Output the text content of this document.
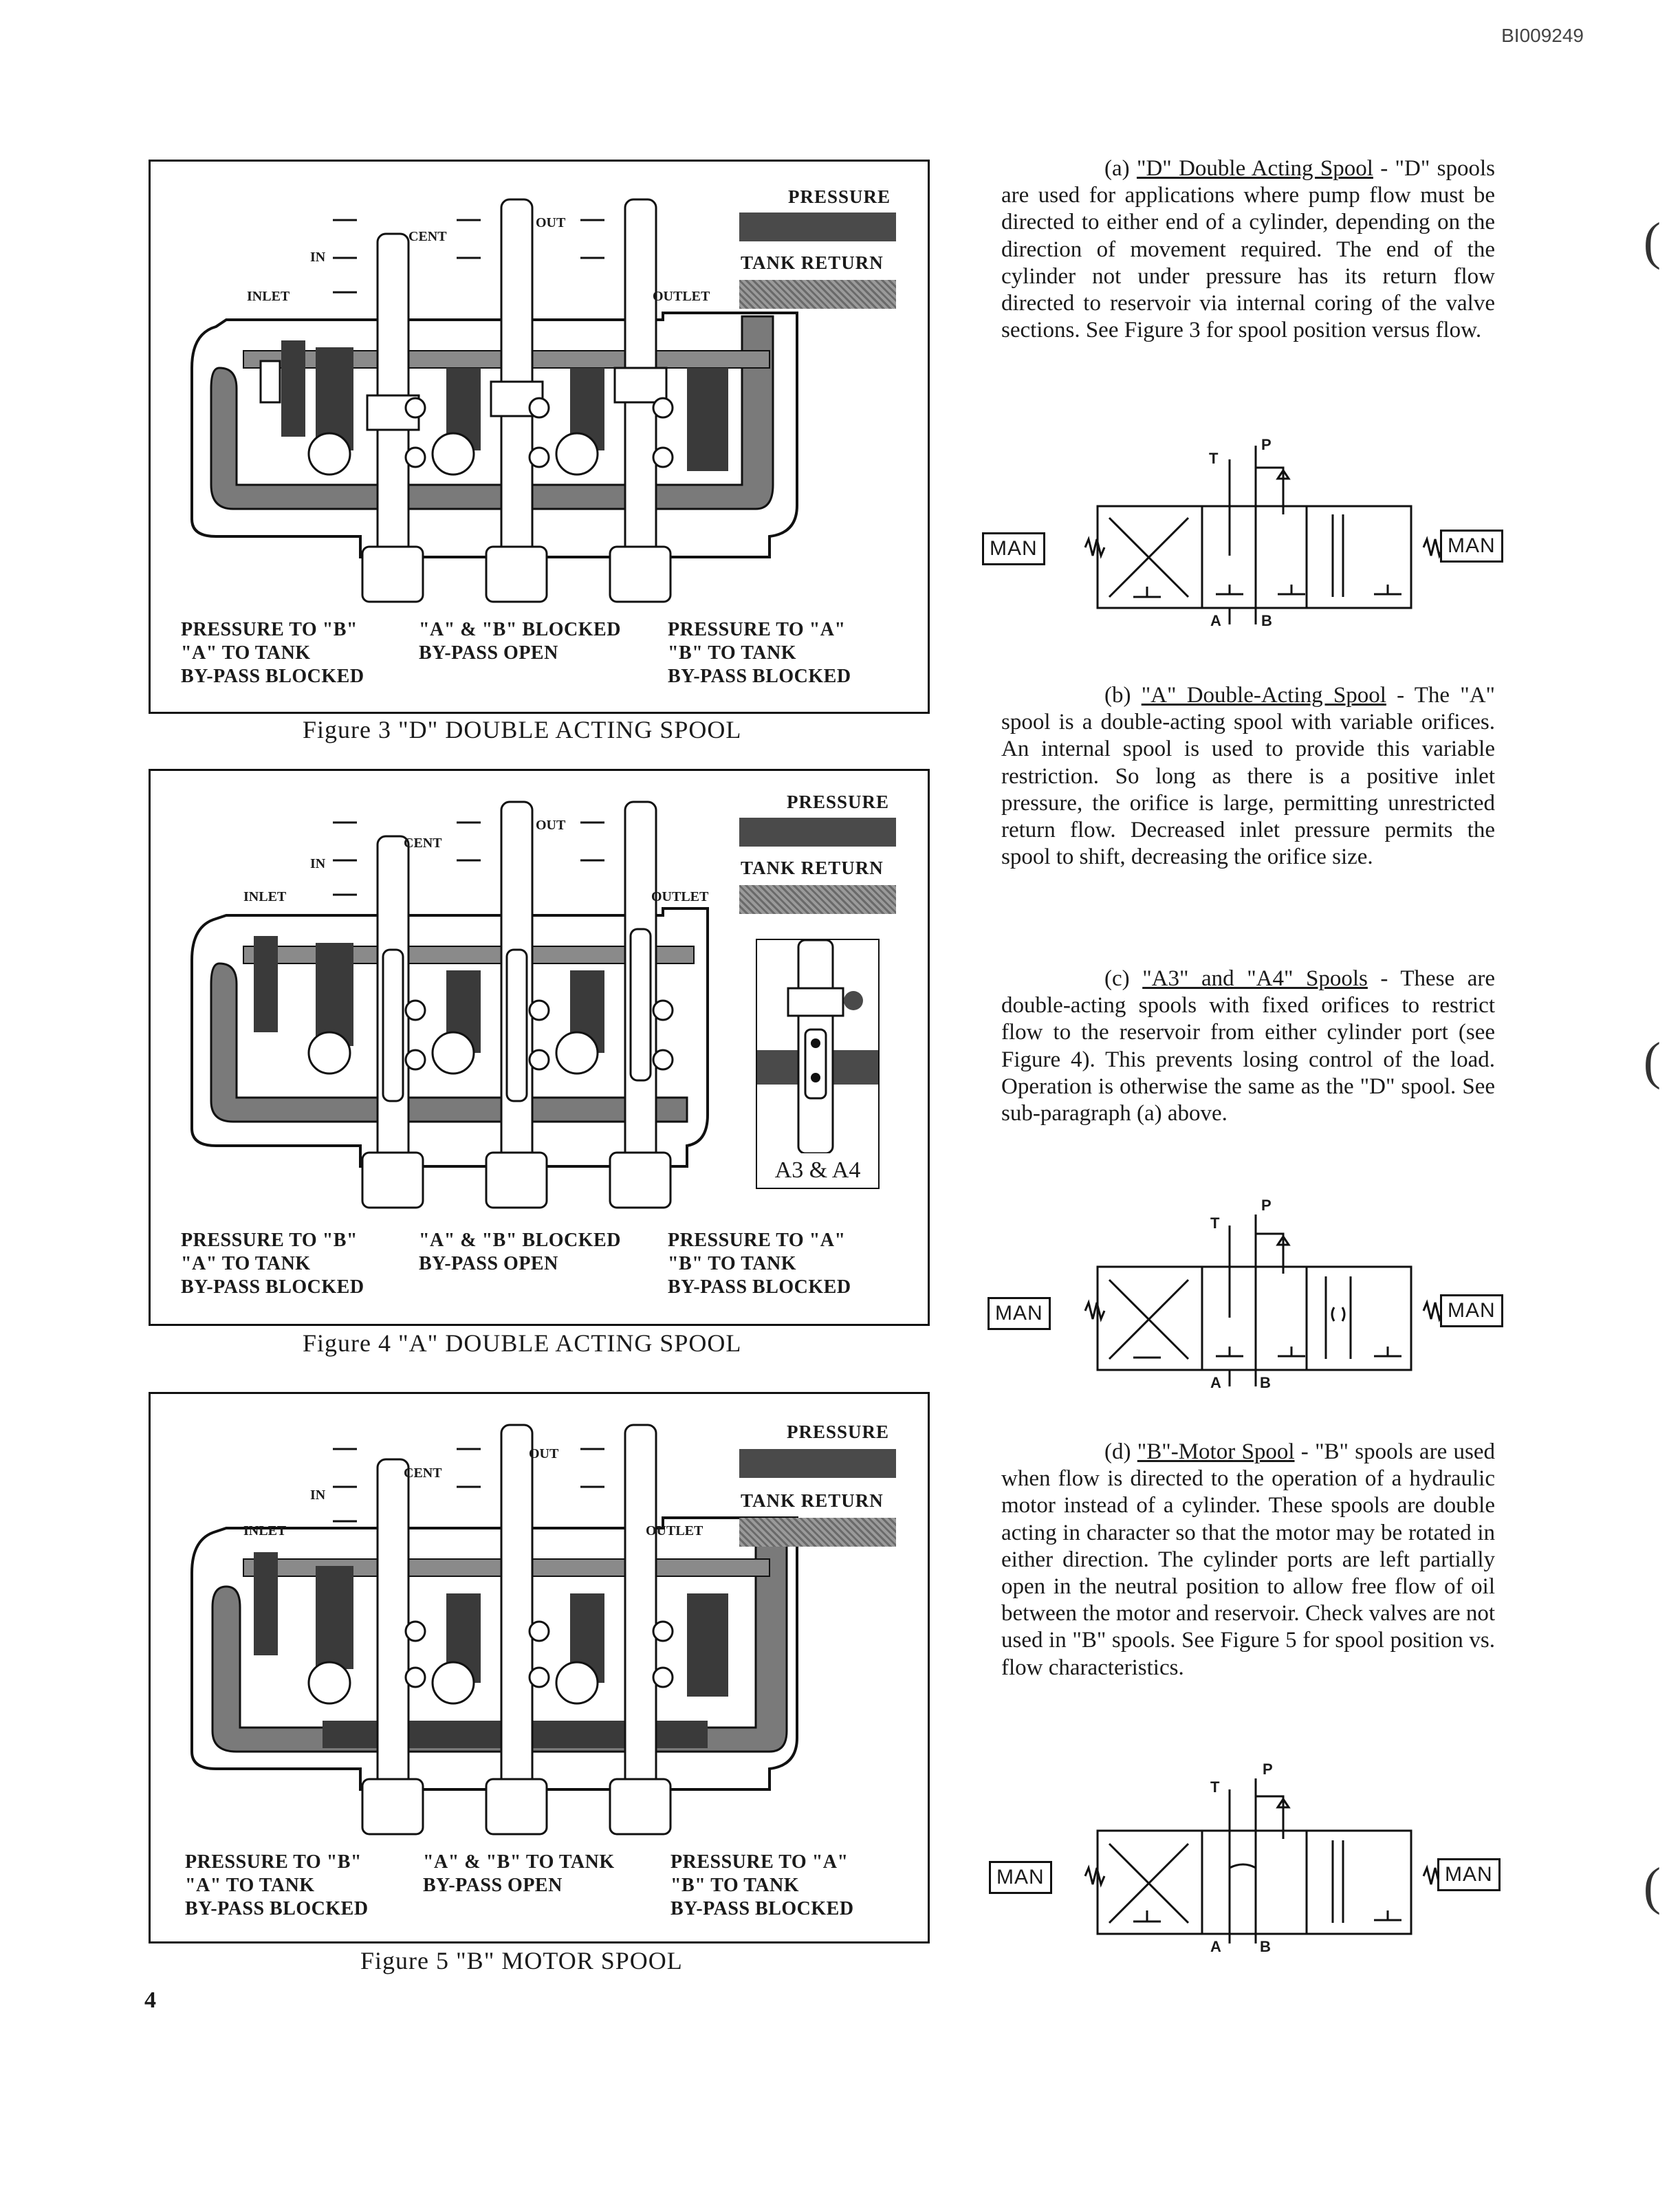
BI009249
IN
CENT
OUT
INLET	OUTLET
PRESSURE
TANK RETURN
PRESSURE TO "B"
"A" TO TANK
BY-PASS BLOCKED
"A" & "B" BLOCKED
BY-PASS OPEN
PRESSURE TO "A"
"B" TO TANK
BY-PASS BLOCKED
Figure 3 "D" DOUBLE ACTING SPOOL
IN
CENT
OUT
INLET	OUTLET
PRESSURE
TANK RETURN
A3 & A4
PRESSURE TO "B"
"A" TO TANK
BY-PASS BLOCKED
"A" & "B" BLOCKED
BY-PASS OPEN
PRESSURE TO "A"
"B" TO TANK
BY-PASS BLOCKED
Figure 4 "A" DOUBLE ACTING SPOOL
IN
CENT
OUT
INLET	OUTLET
PRESSURE
TANK RETURN
PRESSURE TO "B"
"A" TO TANK
BY-PASS BLOCKED
"A" & "B" TO TANK
BY-PASS OPEN
PRESSURE TO "A"
"B" TO TANK
BY-PASS BLOCKED
Figure 5 "B" MOTOR SPOOL
4
(a) "D" Double Acting Spool - "D" spools are used for applications where pump flow must be directed to either end of a cylinder, depending on the direction of movement required. The end of the cylinder not under pressure has its return flow directed to reservoir via internal coring of the valve sections. See Figure 3 for spool position versus flow.
MAN	MAN
T
P
A	B
(
(b) "A" Double-Acting Spool - The "A" spool is a double-acting spool with variable orifices. An internal spool is used to provide this variable restriction. So long as there is a positive inlet pressure, the orifice is large, permitting unrestricted return flow. Decreased inlet pressure permits the spool to shift, decreasing the orifice size.
(c) "A3" and "A4" Spools - These are double-acting spools with fixed orifices to restrict flow to the reservoir from either cylinder port (see Figure 4). This prevents losing control of the load. Operation is otherwise the same as the "D" spool. See sub-paragraph (a) above.
(
MAN	MAN
T
P
A	B
(d) "B"-Motor Spool - "B" spools are used when flow is directed to the operation of a hydraulic motor instead of a cylinder. These spools are double acting in character so that the motor may be rotated in either direction. The cylinder ports are left partially open in the neutral position to allow free flow of oil between the motor and reservoir. Check valves are not used in "B" spools. See Figure 5 for spool position vs. flow characteristics.
MAN	MAN
T
P
A	B
(
